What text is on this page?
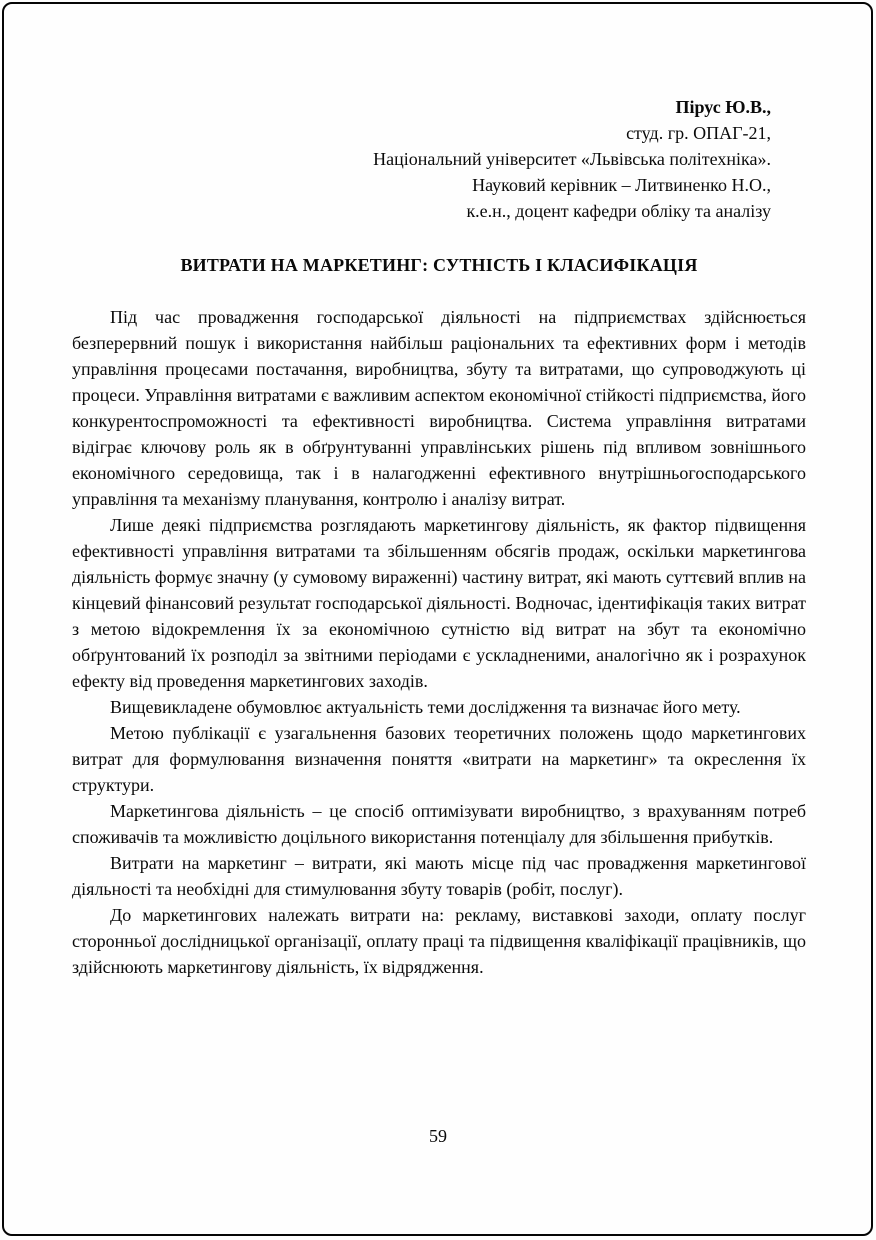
Пірус Ю.В.,
студ. гр. ОПАГ-21,
Національний університет «Львівська політехніка».
Науковий керівник – Литвиненко Н.О.,
к.е.н., доцент кафедри обліку та аналізу
ВИТРАТИ НА МАРКЕТИНГ: СУТНІСТЬ І КЛАСИФІКАЦІЯ

Під час провадження господарської діяльності на підприємствах здійснюється безперервний пошук і використання найбільш раціональних та ефективних форм і методів управління процесами постачання, виробництва, збуту та витратами, що супроводжують ці процеси. Управління витратами є важливим аспектом економічної стійкості підприємства, його конкурентоспроможності та ефективності виробництва. Система управління витратами відіграє ключову роль як в обґрунтуванні управлінських рішень під впливом зовнішнього економічного середовища, так і в налагодженні ефективного внутрішньогосподарського управління та механізму планування, контролю і аналізу витрат.

Лише деякі підприємства розглядають маркетингову діяльність, як фактор підвищення ефективності управління витратами та збільшенням обсягів продаж, оскільки маркетингова діяльність формує значну (у сумовому вираженні) частину витрат, які мають суттєвий вплив на кінцевий фінансовий результат господарської діяльності. Водночас, ідентифікація таких витрат з метою відокремлення їх за економічною сутністю від витрат на збут та економічно обґрунтований їх розподіл за звітними періодами є ускладненими, аналогічно як і розрахунок ефекту від проведення маркетингових заходів.

Вищевикладене обумовлює актуальність теми дослідження та визначає його мету.

Метою публікації є узагальнення базових теоретичних положень щодо маркетингових витрат для формулювання визначення поняття «витрати на маркетинг» та окреслення їх структури.

Маркетингова діяльність – це спосіб оптимізувати виробництво, з врахуванням потреб споживачів та можливістю доцільного використання потенціалу для збільшення прибутків.

Витрати на маркетинг – витрати, які мають місце під час провадження маркетингової діяльності та необхідні для стимулювання збуту товарів (робіт, послуг).

До маркетингових належать витрати на: рекламу, виставкові заходи, оплату послуг сторонньої дослідницької організації, оплату праці та підвищення кваліфікації працівників, що здійснюють маркетингову діяльність, їх відрядження.

59
